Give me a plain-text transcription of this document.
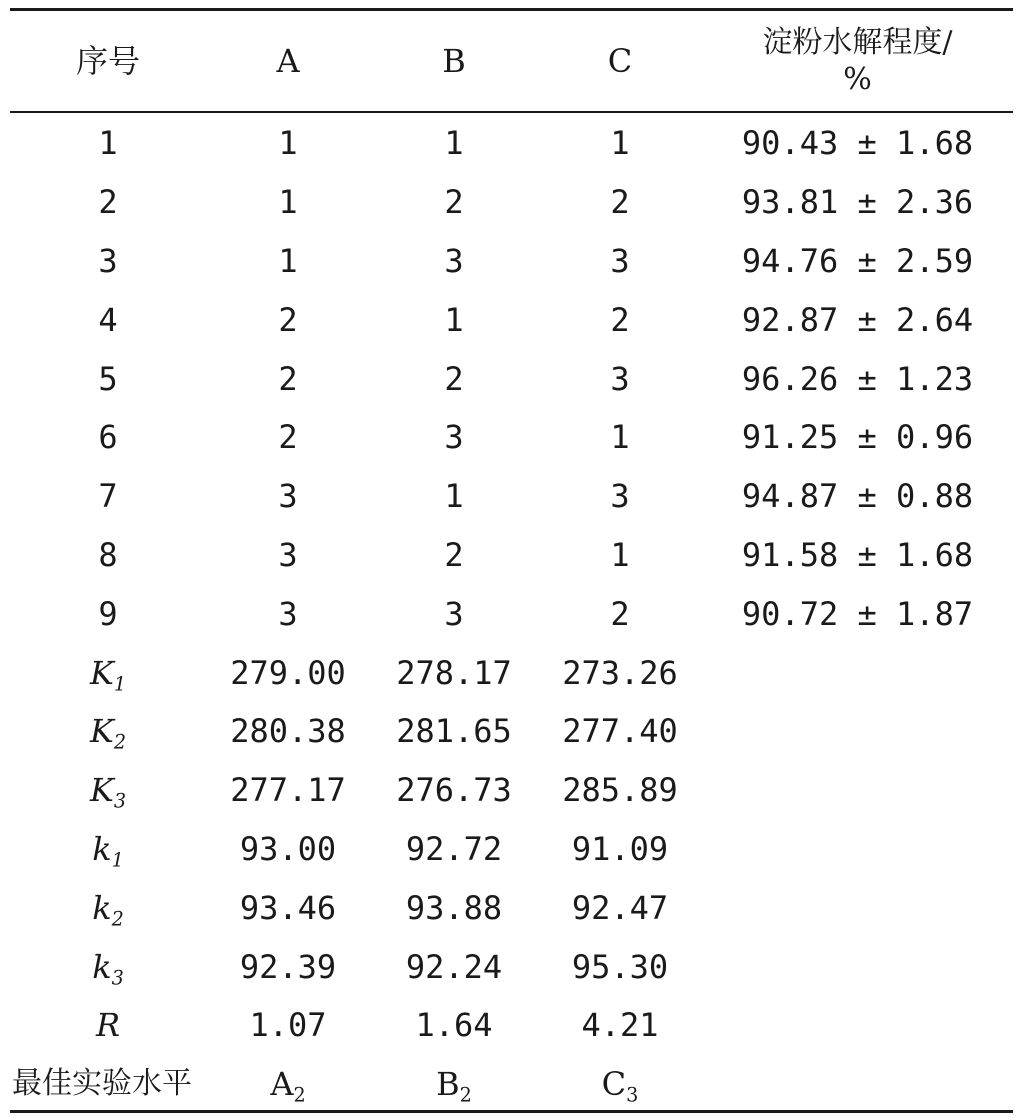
序号	A	B	C	淀粉水解程度/
%
1	1	1	1	90.43 ± 1.68
2	1	2	2	93.81 ± 2.36
3	1	3	3	94.76 ± 2.59
4	2	1	2	92.87 ± 2.64
5	2	2	3	96.26 ± 1.23
6	2	3	1	91.25 ± 0.96
7	3	1	3	94.87 ± 0.88
8	3	2	1	91.58 ± 1.68
9	3	3	2	90.72 ± 1.87
$K_1$	279.00	278.17	273.26	
$K_2$	280.38	281.65	277.40	
$K_3$	277.17	276.73	285.89	
$k_1$	93.00	92.72	91.09	
$k_2$	93.46	93.88	92.47	
$k_3$	92.39	92.24	95.30	
R	1.07	1.64	4.21	
最佳实验水平	$A_2$	$B_2$	$C_3$	
